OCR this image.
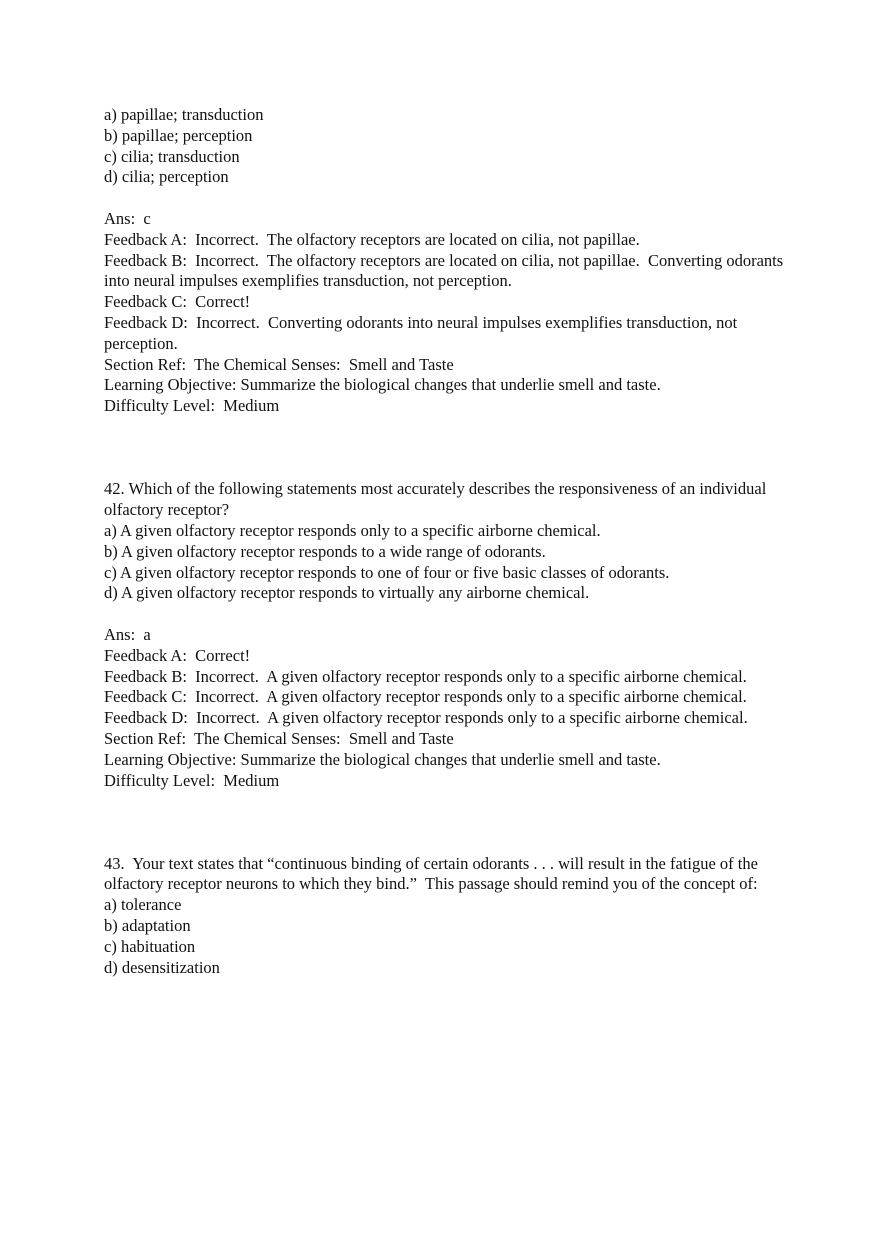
a) papillae; transduction
b) papillae; perception
c) cilia; transduction
d) cilia; perception
Ans:  c
Feedback A:  Incorrect.  The olfactory receptors are located on cilia, not papillae.
Feedback B:  Incorrect.  The olfactory receptors are located on cilia, not papillae.  Converting odorants into neural impulses exemplifies transduction, not perception.
Feedback C:  Correct!
Feedback D:  Incorrect.  Converting odorants into neural impulses exemplifies transduction, not perception.
Section Ref:  The Chemical Senses:  Smell and Taste
Learning Objective: Summarize the biological changes that underlie smell and taste.
Difficulty Level:  Medium
42. Which of the following statements most accurately describes the responsiveness of an individual olfactory receptor?
a) A given olfactory receptor responds only to a specific airborne chemical.
b) A given olfactory receptor responds to a wide range of odorants.
c) A given olfactory receptor responds to one of four or five basic classes of odorants.
d) A given olfactory receptor responds to virtually any airborne chemical.
Ans:  a
Feedback A:  Correct!
Feedback B:  Incorrect.  A given olfactory receptor responds only to a specific airborne chemical.
Feedback C:  Incorrect.  A given olfactory receptor responds only to a specific airborne chemical.
Feedback D:  Incorrect.  A given olfactory receptor responds only to a specific airborne chemical.
Section Ref:  The Chemical Senses:  Smell and Taste
Learning Objective: Summarize the biological changes that underlie smell and taste.
Difficulty Level:  Medium
43.  Your text states that “continuous binding of certain odorants . . . will result in the fatigue of the olfactory receptor neurons to which they bind.”  This passage should remind you of the concept of:
a) tolerance
b) adaptation
c) habituation
d) desensitization
